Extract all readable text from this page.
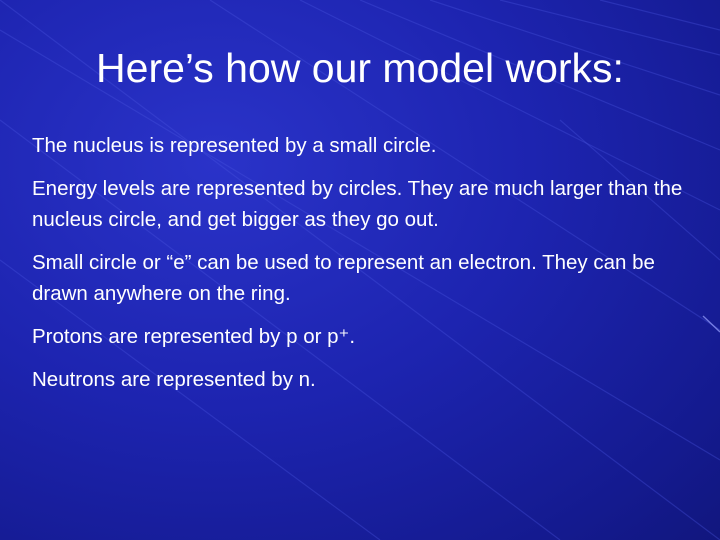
Here’s how our model works:
The nucleus is represented by a small circle.
Energy levels are represented by circles. They are much larger than the nucleus circle, and get bigger as they go out.
Small circle or “e” can be used to represent an electron. They can be drawn anywhere on the ring.
Protons are represented by p or p⁺.
Neutrons are represented by n.
